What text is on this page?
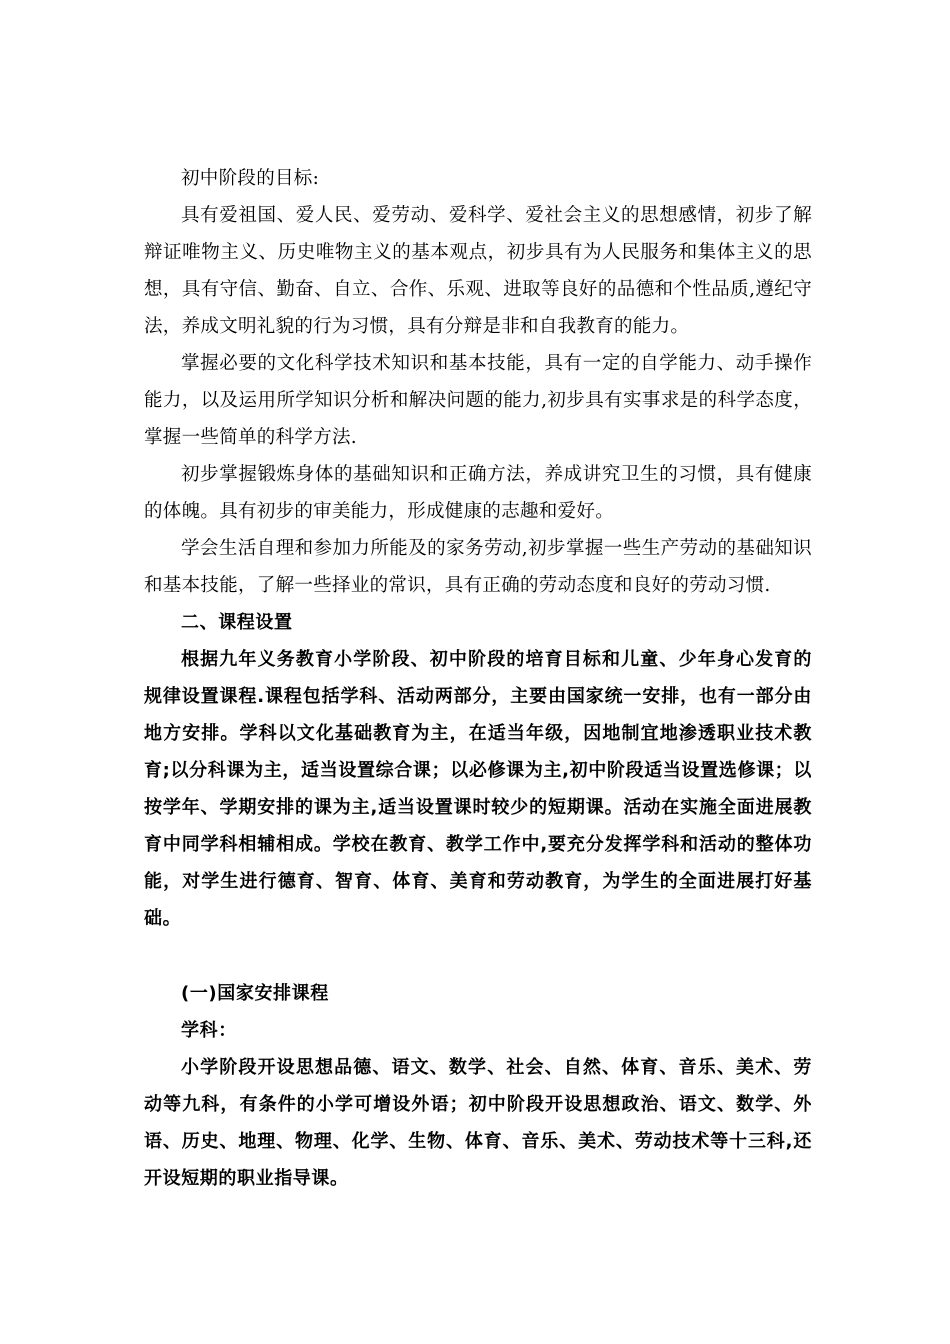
初中阶段的目标:

具有爱祖国、爱人民、爱劳动、爱科学、爱社会主义的思想感情，初步了解辩证唯物主义、历史唯物主义的基本观点，初步具有为人民服务和集体主义的思想，具有守信、勤奋、自立、合作、乐观、进取等良好的品德和个性品质,遵纪守法，养成文明礼貌的行为习惯，具有分辩是非和自我教育的能力。

掌握必要的文化科学技术知识和基本技能，具有一定的自学能力、动手操作能力，以及运用所学知识分析和解决问题的能力,初步具有实事求是的科学态度，掌握一些简单的科学方法.

初步掌握锻炼身体的基础知识和正确方法，养成讲究卫生的习惯，具有健康的体魄。具有初步的审美能力，形成健康的志趣和爱好。

学会生活自理和参加力所能及的家务劳动,初步掌握一些生产劳动的基础知识和基本技能，了解一些择业的常识，具有正确的劳动态度和良好的劳动习惯.

二、课程设置

根据九年义务教育小学阶段、初中阶段的培育目标和儿童、少年身心发育的规律设置课程.课程包括学科、活动两部分，主要由国家统一安排，也有一部分由地方安排。学科以文化基础教育为主，在适当年级，因地制宜地渗透职业技术教育;以分科课为主，适当设置综合课；以必修课为主,初中阶段适当设置选修课；以按学年、学期安排的课为主,适当设置课时较少的短期课。活动在实施全面进展教育中同学科相辅相成。学校在教育、教学工作中,要充分发挥学科和活动的整体功能，对学生进行德育、智育、体育、美育和劳动教育，为学生的全面进展打好基础。

(一)国家安排课程

学科：

小学阶段开设思想品德、语文、数学、社会、自然、体育、音乐、美术、劳动等九科，有条件的小学可增设外语；初中阶段开设思想政治、语文、数学、外语、历史、地理、物理、化学、生物、体育、音乐、美术、劳动技术等十三科,还开设短期的职业指导课。
